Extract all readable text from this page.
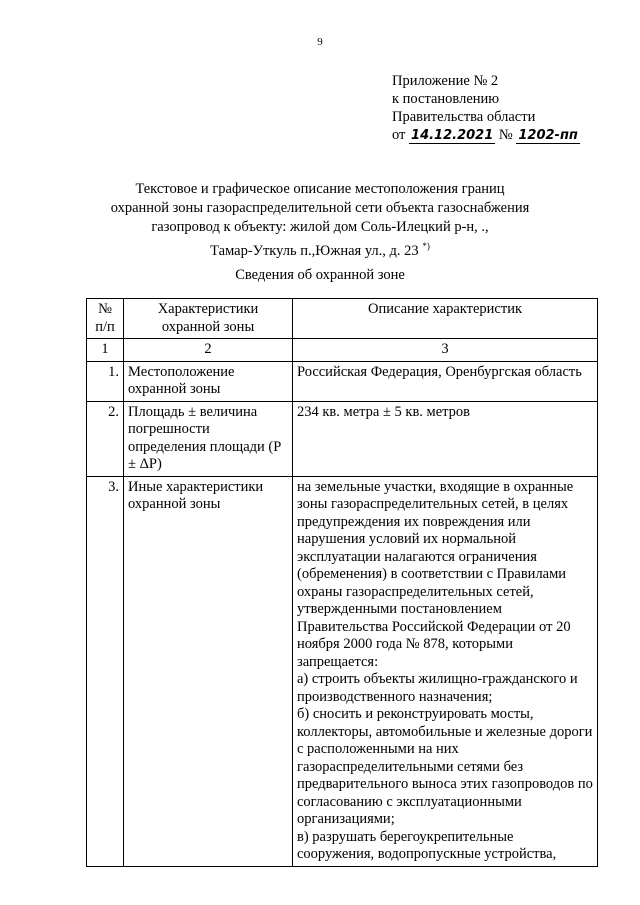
9
Приложение № 2
к постановлению
Правительства области
от 14.12.2021 № 1202-пп
Текстовое и графическое описание местоположения границ
охранной зоны газораспределительной сети объекта газоснабжения
газопровод к объекту: жилой дом Соль-Илецкий р-н, .,
Тамар-Уткуль п.,Южная ул., д. 23 *)
Сведения об охранной зоне
№ п/п	Характеристики охранной зоны	Описание характеристик
1	2	3
1.	Местоположение охранной зоны	Российская Федерация, Оренбургская область

2.	Площадь ± величина погрешности определения площади (P ± ΔP)	234 кв. метра ± 5 кв. метров

3.	Иные характеристики охранной зоны	на земельные участки, входящие в охранные зоны газораспределительных сетей, в целях предупреждения их повреждения или нарушения условий их нормальной эксплуатации налагаются ограничения (обременения) в соответствии с Правилами охраны газораспределительных сетей, утвержденными постановлением Правительства Российской Федерации от 20 ноября 2000 года № 878, которыми запрещается:
а) строить объекты жилищно-гражданского и производственного назначения;
б) сносить и реконструировать мосты, коллекторы, автомобильные и железные дороги с расположенными на них газораспределительными сетями без предварительного выноса этих газопроводов по согласованию с эксплуатационными организациями;
в) разрушать берегоукрепительные сооружения, водопропускные устройства,
